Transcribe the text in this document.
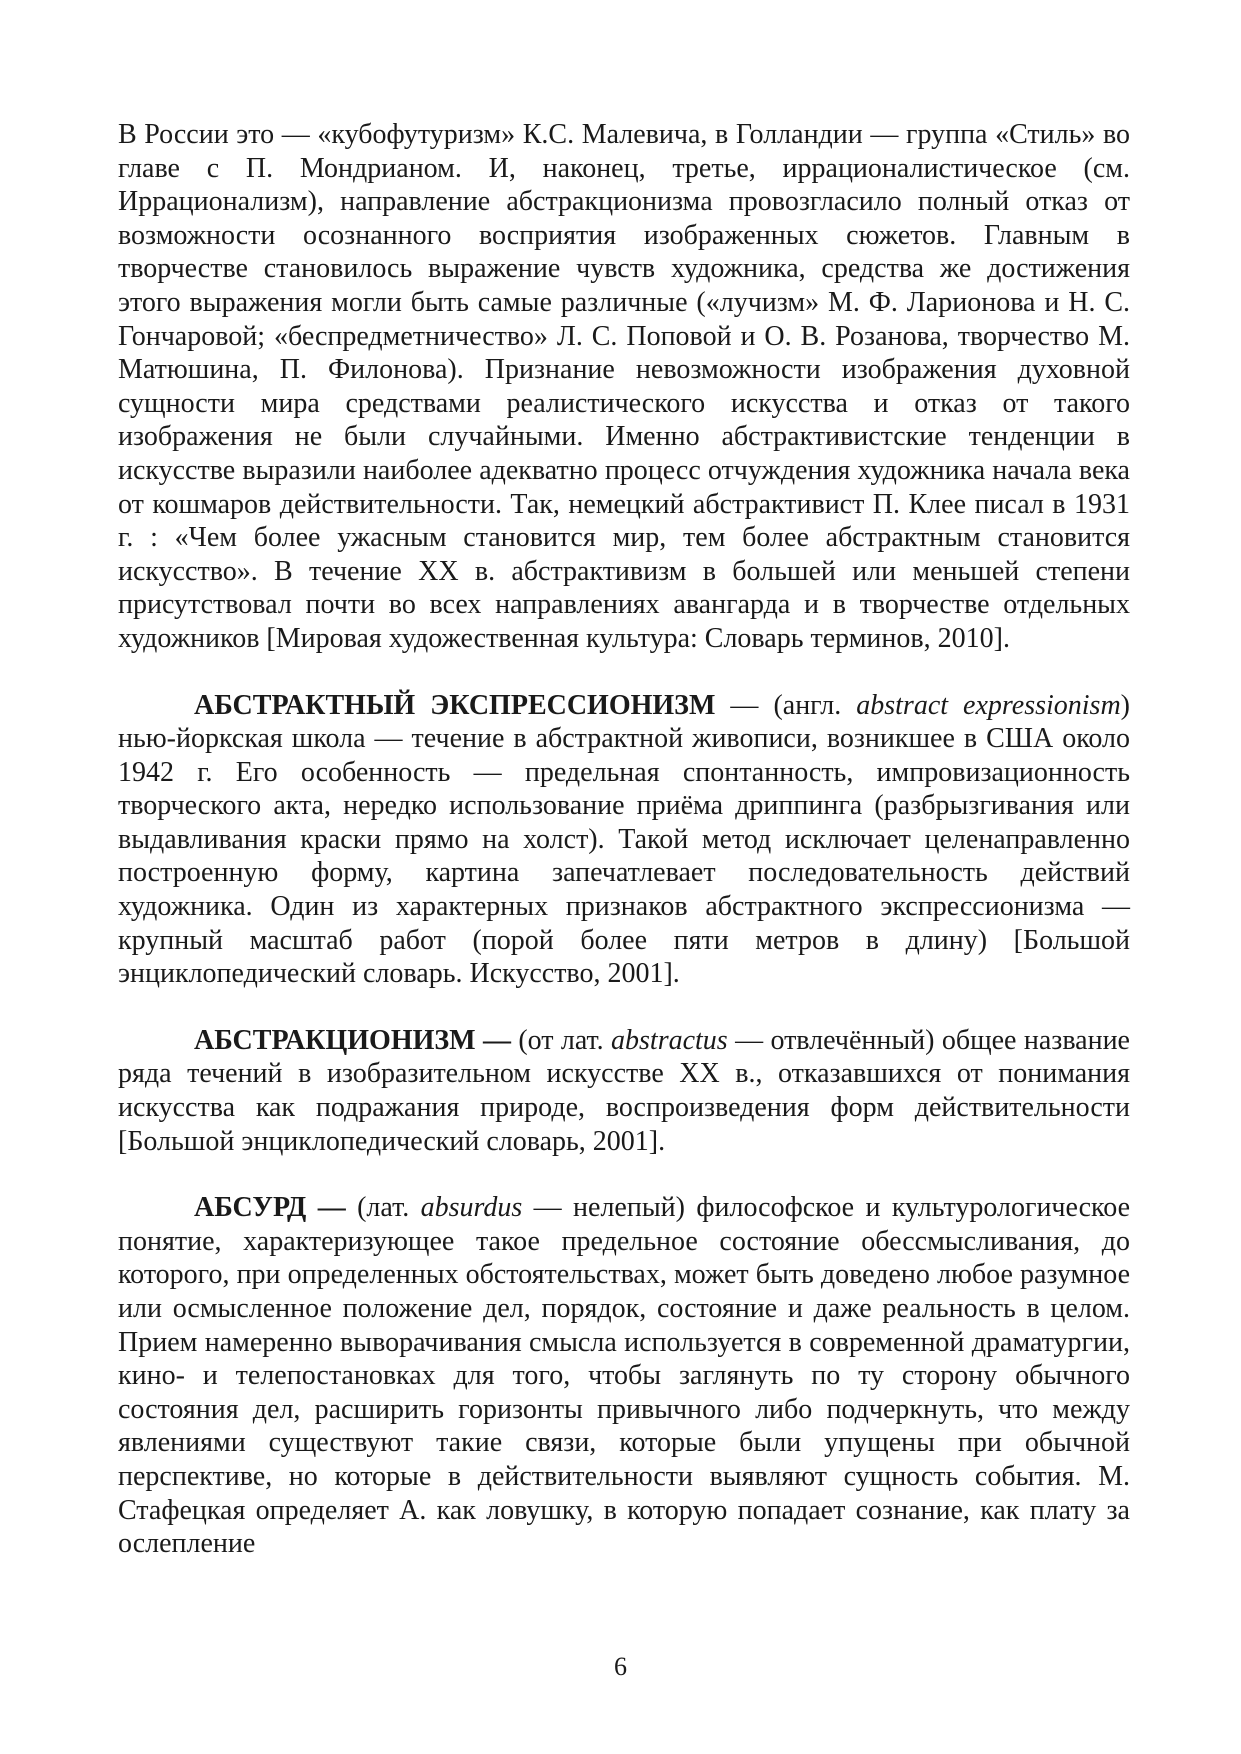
В России это — «кубофутуризм» К.С. Малевича, в Голландии — группа «Стиль» во главе с П. Мондрианом. И, наконец, третье, иррационалистическое (см. Иррационализм), направление абстракционизма провозгласило полный отказ от возможности осознанного восприятия изображенных сюжетов. Главным в творчестве становилось выражение чувств художника, средства же достижения этого выражения могли быть самые различные («лучизм» М. Ф. Ларионова и Н. С. Гончаровой; «беспредметничество» Л. С. Поповой и О. В. Розанова, творчество М. Матюшина, П. Филонова). Признание невозможности изображения духовной сущности мира средствами реалистического искусства и отказ от такого изображения не были случайными. Именно абстрактивистские тенденции в искусстве выразили наиболее адекватно процесс отчуждения художника начала века от кошмаров действительности. Так, немецкий абстрактивист П. Клее писал в 1931 г. : «Чем более ужасным становится мир, тем более абстрактным становится искусство». В течение XX в. абстрактивизм в большей или меньшей степени присутствовал почти во всех направлениях авангарда и в творчестве отдельных художников [Мировая художественная культура: Словарь терминов, 2010].

АБСТРАКТНЫЙ ЭКСПРЕССИОНИЗМ — (англ. abstract expressionism) нью-йоркская школа — течение в абстрактной живописи, возникшее в США около 1942 г. Его особенность — предельная спонтанность, импровизационность творческого акта, нередко использование приёма дриппинга (разбрызгивания или выдавливания краски прямо на холст). Такой метод исключает целенаправленно построенную форму, картина запечатлевает последовательность действий художника. Один из характерных признаков абстрактного экспрессионизма — крупный масштаб работ (порой более пяти метров в длину) [Большой энциклопедический словарь. Искусство, 2001].

АБСТРАКЦИОНИЗМ — (от лат. abstractus — отвлечённый) общее название ряда течений в изобразительном искусстве XX в., отказавшихся от понимания искусства как подражания природе, воспроизведения форм действительности [Большой энциклопедический словарь, 2001].

АБСУРД — (лат. absurdus — нелепый) философское и культурологическое понятие, характеризующее такое предельное состояние обессмысливания, до которого, при определенных обстоятельствах, может быть доведено любое разумное или осмысленное положение дел, порядок, состояние и даже реальность в целом. Прием намеренно выворачивания смысла используется в современной драматургии, кино- и телепостановках для того, чтобы заглянуть по ту сторону обычного состояния дел, расширить горизонты привычного либо подчеркнуть, что между явлениями существуют такие связи, которые были упущены при обычной перспективе, но которые в действительности выявляют сущность события. М. Стафецкая определяет А. как ловушку, в которую попадает сознание, как плату за ослепление

6
